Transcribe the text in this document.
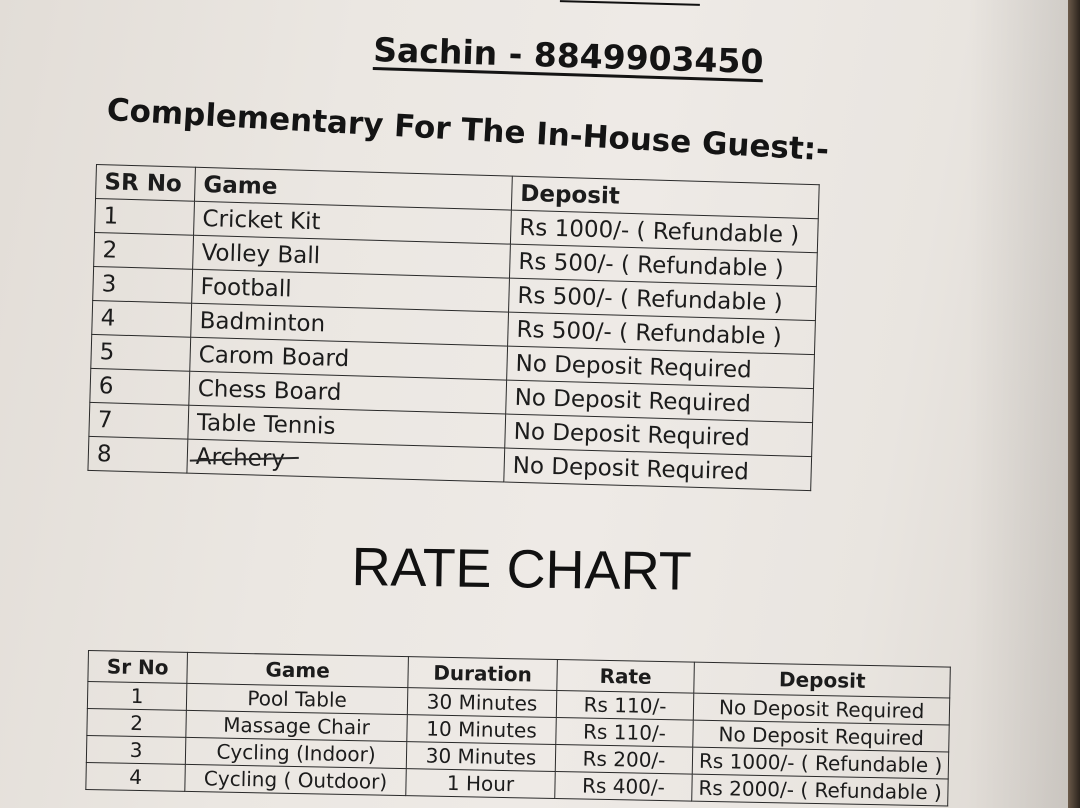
Sachin - 8849903450
Complementary For The In-House Guest:-
SR No	Game	Deposit
1	Cricket Kit	Rs 1000/- ( Refundable )
2	Volley Ball	Rs 500/- ( Refundable )
3	Football	Rs 500/- ( Refundable )
4	Badminton	Rs 500/- ( Refundable )
5	Carom Board	No Deposit Required
6	Chess Board	No Deposit Required
7	Table Tennis	No Deposit Required
8	Archery	No Deposit Required
RATE CHART
Sr No	Game	Duration	Rate	Deposit
1	Pool Table	30 Minutes	Rs 110/-	No Deposit Required
2	Massage Chair	10 Minutes	Rs 110/-	No Deposit Required
3	Cycling (Indoor)	30 Minutes	Rs 200/-	Rs 1000/- ( Refundable )
4	Cycling ( Outdoor)	1 Hour	Rs 400/-	Rs 2000/- ( Refundable )
